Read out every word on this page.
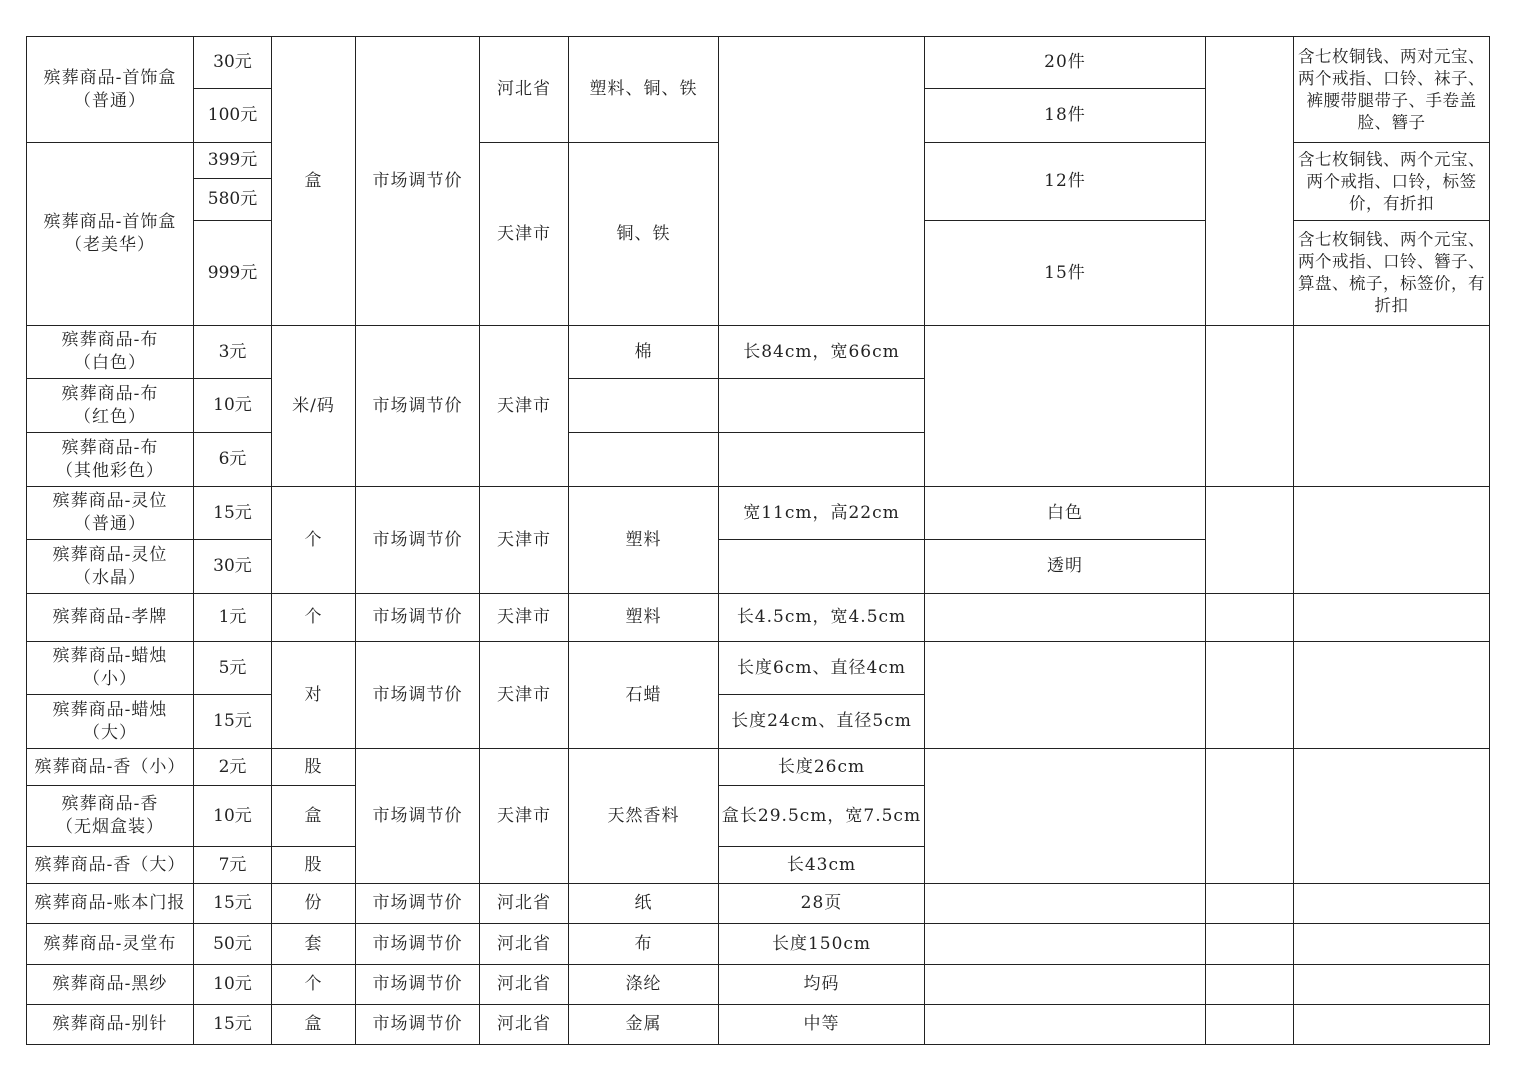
殡葬商品-首饰盒
（普通）	30元	盒	市场调节价	河北省	塑料、铜、铁		20件		含七枚铜钱、两对元宝、两个戒指、口铃、袜子、裤腰带腿带子、手卷盖脸、簪子
	100元						18件		
殡葬商品-首饰盒
（老美华）	399元			天津市	铜、铁		12件		含七枚铜钱、两个元宝、两个戒指、口铃，标签价，有折扣
	580元								
	999元						15件		含七枚铜钱、两个元宝、两个戒指、口铃、簪子、算盘、梳子，标签价，有折扣
殡葬商品-布
（白色）	3元	米/码	市场调节价	天津市	棉	长84cm，宽66cm			
殡葬商品-布
（红色）	10元								
殡葬商品-布
（其他彩色）	6元								
殡葬商品-灵位
（普通）	15元	个	市场调节价	天津市	塑料	宽11cm，高22cm	白色		
殡葬商品-灵位
（水晶）	30元						透明		
殡葬商品-孝牌	1元	个	市场调节价	天津市	塑料	长4.5cm，宽4.5cm			
殡葬商品-蜡烛
（小）	5元	对	市场调节价	天津市	石蜡	长度6cm、直径4cm			
殡葬商品-蜡烛
（大）	15元					长度24cm、直径5cm			
殡葬商品-香（小）	2元	股	市场调节价	天津市	天然香料	长度26cm			
殡葬商品-香
（无烟盒装）	10元	盒				盒长29.5cm，宽7.5cm			
殡葬商品-香（大）	7元	股				长43cm			
殡葬商品-账本门报	15元	份	市场调节价	河北省	纸	28页			
殡葬商品-灵堂布	50元	套	市场调节价	河北省	布	长度150cm			
殡葬商品-黑纱	10元	个	市场调节价	河北省	涤纶	均码			
殡葬商品-别针	15元	盒	市场调节价	河北省	金属	中等			
